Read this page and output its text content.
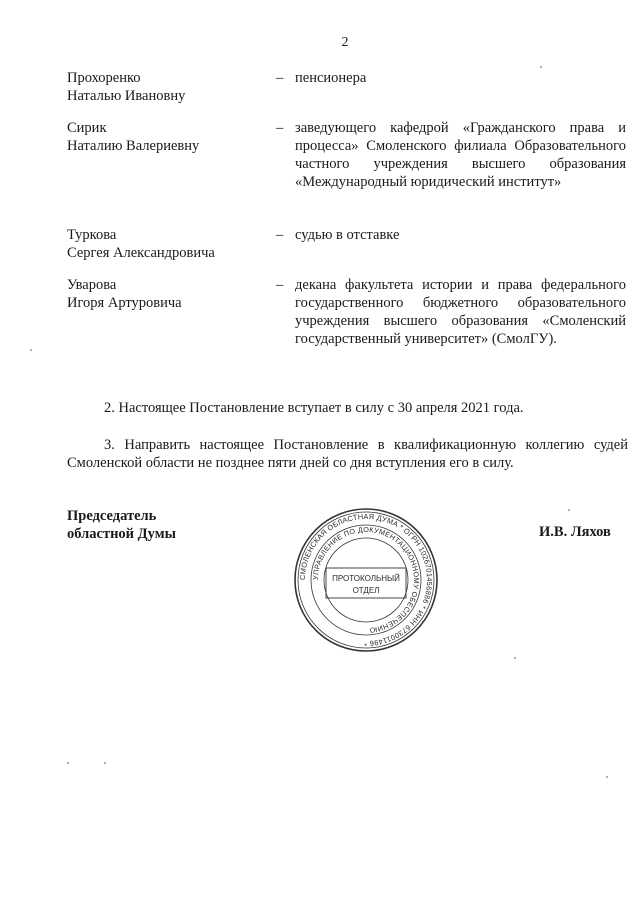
2
Прохоренко
Наталью Ивановну
– пенсионера
Сирик
Наталию Валериевну
– заведующего кафедрой «Гражданского права и процесса» Смоленского филиала Образовательного частного учреждения высшего образования «Международный юридический институт»
Туркова
Сергея Александровича
– судью в отставке
Уварова
Игоря Артуровича
– декана факультета истории и права федерального государственного бюджетного образовательного учреждения высшего образования «Смоленский государственный университет» (СмолГУ).
2. Настоящее Постановление вступает в силу с 30 апреля 2021 года.
3. Направить настоящее Постановление в квалификационную коллегию судей Смоленской области не позднее пяти дней со дня вступления его в силу.
Председатель
областной Думы	И.В. Ляхов
СМОЛЕНСКАЯ ОБЛАСТНАЯ ДУМА * ОГРН 1026701456886 * ИНН 6730011496 *
УПРАВЛЕНИЕ ПО ДОКУМЕНТАЦИОННОМУ ОБЕСПЕЧЕНИЮ
ПРОТОКОЛЬНЫЙ
ОТДЕЛ
